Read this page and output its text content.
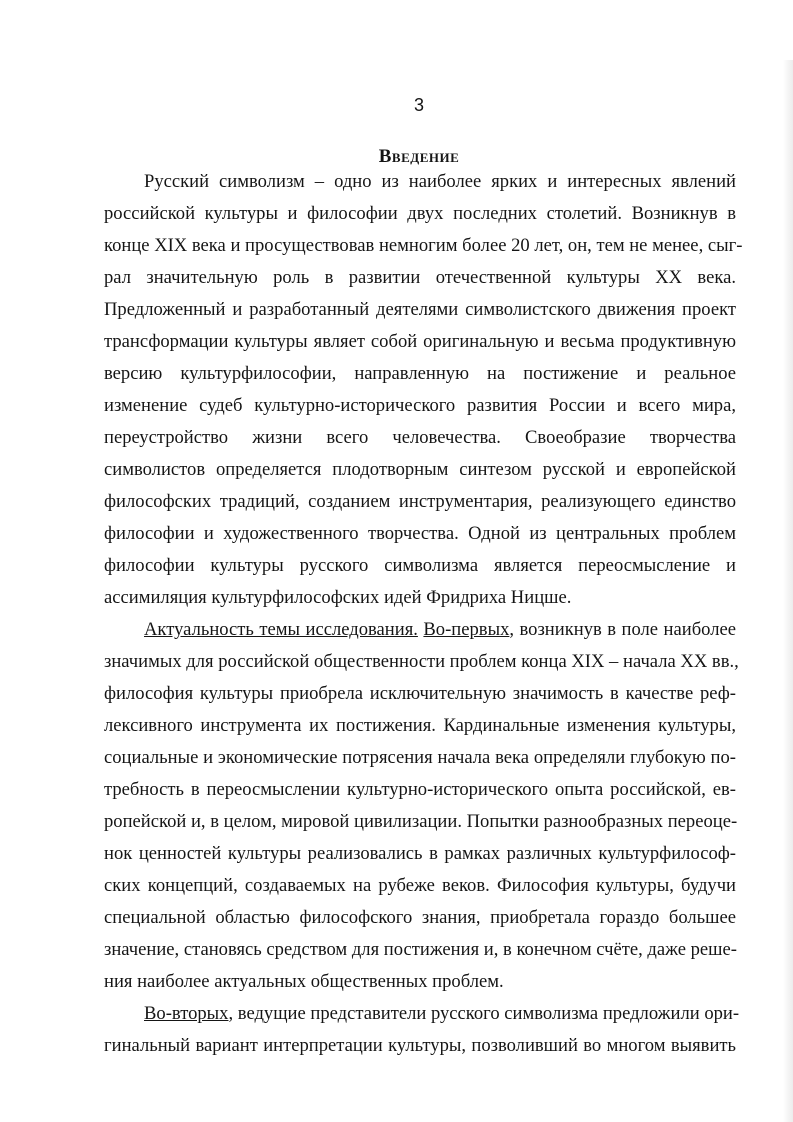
3
Введение
Русский символизм – одно из наиболее ярких и интересных явлений
российской культуры и философии двух последних столетий. Возникнув в
конце XIX века и просуществовав немногим более 20 лет, он, тем не менее, сыг-
рал значительную роль в развитии отечественной культуры XX века.
Предложенный и разработанный деятелями символистского движения проект
трансформации культуры являет собой оригинальную и весьма продуктивную
версию культурфилософии, направленную на постижение и реальное
изменение судеб культурно-исторического развития России и всего мира,
переустройство жизни всего человечества. Своеобразие творчества
символистов определяется плодотворным синтезом русской и европейской
философских традиций, созданием инструментария, реализующего единство
философии и художественного творчества. Одной из центральных проблем
философии культуры русского символизма является переосмысление и
ассимиляция культурфилософских идей Фридриха Ницше.
Актуальность темы исследования. Во-первых, возникнув в поле наиболее
значимых для российской общественности проблем конца XIX – начала XX вв.,
философия культуры приобрела исключительную значимость в качестве реф-
лексивного инструмента их постижения. Кардинальные изменения культуры,
социальные и экономические потрясения начала века определяли глубокую по-
требность в переосмыслении культурно-исторического опыта российской, ев-
ропейской и, в целом, мировой цивилизации. Попытки разнообразных переоце-
нок ценностей культуры реализовались в рамках различных культурфилософ-
ских концепций, создаваемых на рубеже веков. Философия культуры, будучи
специальной областью философского знания, приобретала гораздо большее
значение, становясь средством для постижения и, в конечном счёте, даже реше-
ния наиболее актуальных общественных проблем.
Во-вторых, ведущие представители русского символизма предложили ори-
гинальный вариант интерпретации культуры, позволивший во многом выявить
